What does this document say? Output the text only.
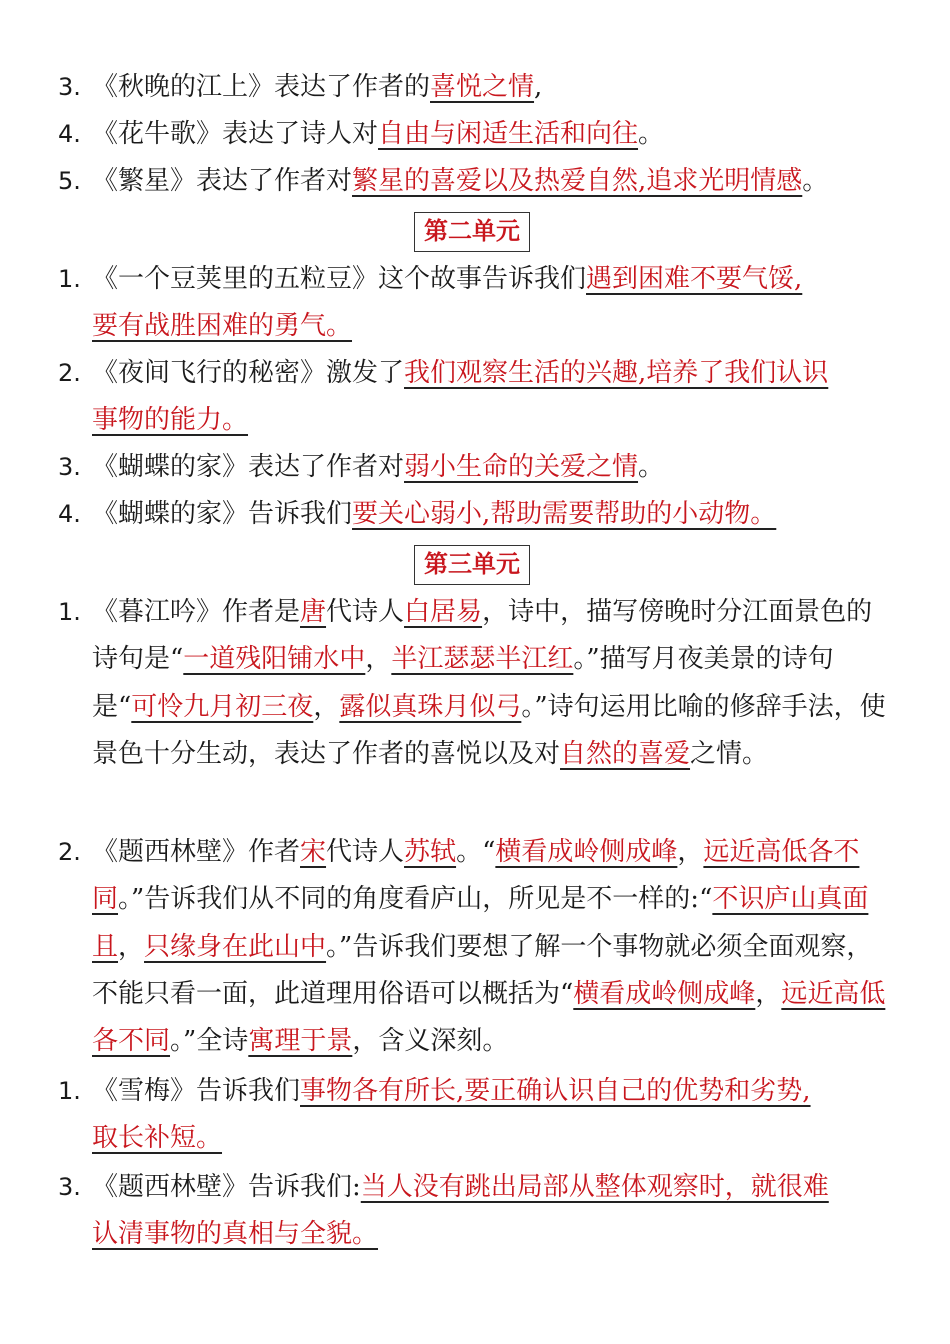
3. 《秋晚的江上》表达了作者的喜悦之情,
4. 《花牛歌》表达了诗人对自由与闲适生活和向往。
5. 《繁星》表达了作者对繁星的喜爱以及热爱自然,追求光明情感。
第二单元
1. 《一个豆荚里的五粒豆》这个故事告诉我们遇到困难不要气馁,
要有战胜困难的勇气。
2. 《夜间飞行的秘密》激发了我们观察生活的兴趣,培养了我们认识
事物的能力。
3. 《蝴蝶的家》表达了作者对弱小生命的关爱之情。
4. 《蝴蝶的家》告诉我们要关心弱小,帮助需要帮助的小动物。
第三单元
1. 《暮江吟》作者是唐代诗人白居易，诗中，描写傍晚时分江面景色的诗句是“一道残阳铺水中，半江瑟瑟半江红。”描写月夜美景的诗句是“可怜九月初三夜，露似真珠月似弓。”诗句运用比喻的修辞手法，使景色十分生动，表达了作者的喜悦以及对自然的喜爱之情。
2. 《题西林壁》作者宋代诗人苏轼。“横看成岭侧成峰，远近高低各不同。”告诉我们从不同的角度看庐山，所见是不一样的:“不识庐山真面且，只缘身在此山中。”告诉我们要想了解一个事物就必须全面观察，不能只看一面，此道理用俗语可以概括为“横看成岭侧成峰，远近高低各不同。”全诗寓理于景，含义深刻。
1. 《雪梅》告诉我们事物各有所长,要正确认识自己的优势和劣势,
取长补短。
3. 《题西林壁》告诉我们:当人没有跳出局部从整体观察时，就很难
认清事物的真相与全貌。
